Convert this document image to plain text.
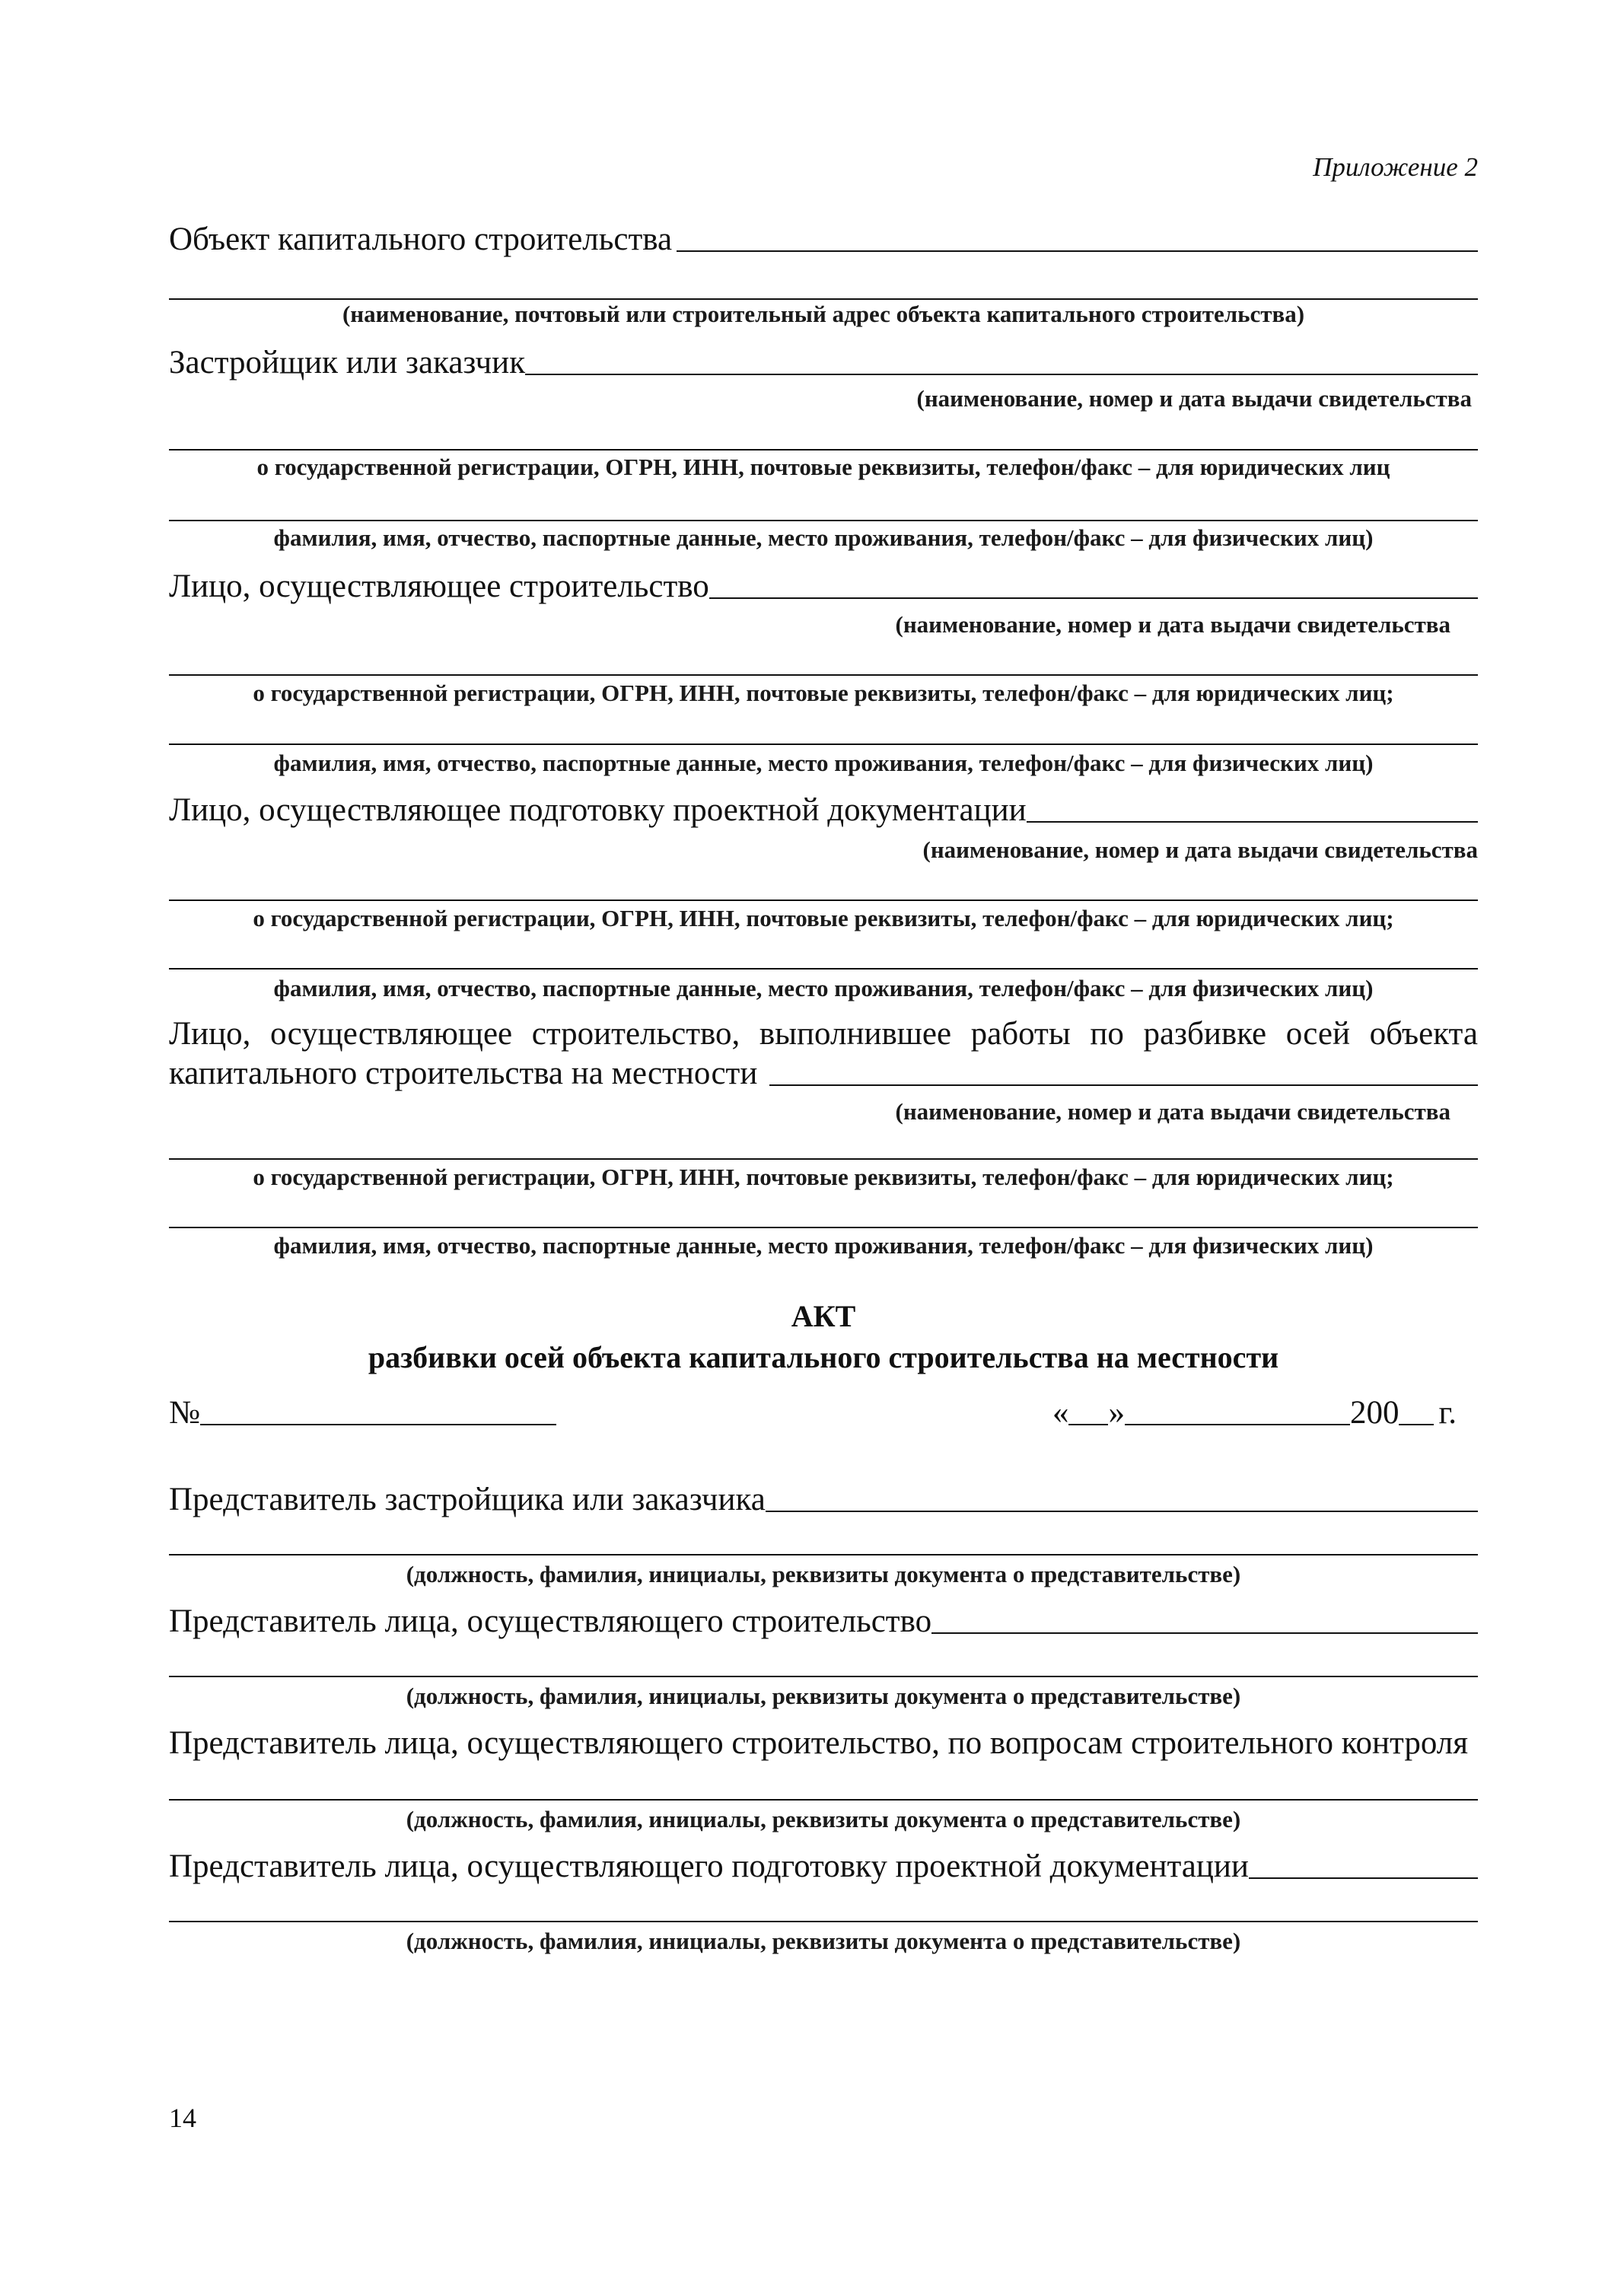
Приложение 2
Объект капитального строительства
(наименование, почтовый или строительный адрес объекта капитального строительства)
Застройщик или заказчик
(наименование, номер и дата выдачи свидетельства
о государственной регистрации, ОГРН, ИНН, почтовые реквизиты, телефон/факс – для юридических лиц
фамилия, имя, отчество, паспортные данные, место проживания, телефон/факс – для физических лиц)
Лицо, осуществляющее строительство
(наименование, номер и дата выдачи свидетельства
о государственной регистрации, ОГРН, ИНН, почтовые реквизиты, телефон/факс – для юридических лиц;
фамилия, имя, отчество, паспортные данные, место проживания, телефон/факс – для физических лиц)
Лицо, осуществляющее подготовку проектной документации
(наименование, номер и дата выдачи свидетельства
о государственной регистрации, ОГРН, ИНН, почтовые реквизиты, телефон/факс – для юридических лиц;
фамилия, имя, отчество, паспортные данные, место проживания, телефон/факс – для физических лиц)
Лицо, осуществляющее строительство, выполнившее работы по разбивке осей объекта
капитального строительства на местности
(наименование, номер и дата выдачи свидетельства
о государственной регистрации, ОГРН, ИНН, почтовые реквизиты, телефон/факс – для юридических лиц;
фамилия, имя, отчество, паспортные данные, место проживания, телефон/факс – для физических лиц)
АКТ
разбивки осей объекта капитального строительства на местности
№	« »	200 г.
Представитель застройщика или заказчика
(должность, фамилия, инициалы, реквизиты документа о представительстве)
Представитель лица, осуществляющего строительство
(должность, фамилия, инициалы, реквизиты документа о представительстве)
Представитель лица, осуществляющего строительство, по вопросам строительного контроля
(должность, фамилия, инициалы, реквизиты документа о представительстве)
Представитель лица, осуществляющего подготовку проектной документации
(должность, фамилия, инициалы, реквизиты документа о представительстве)
14
